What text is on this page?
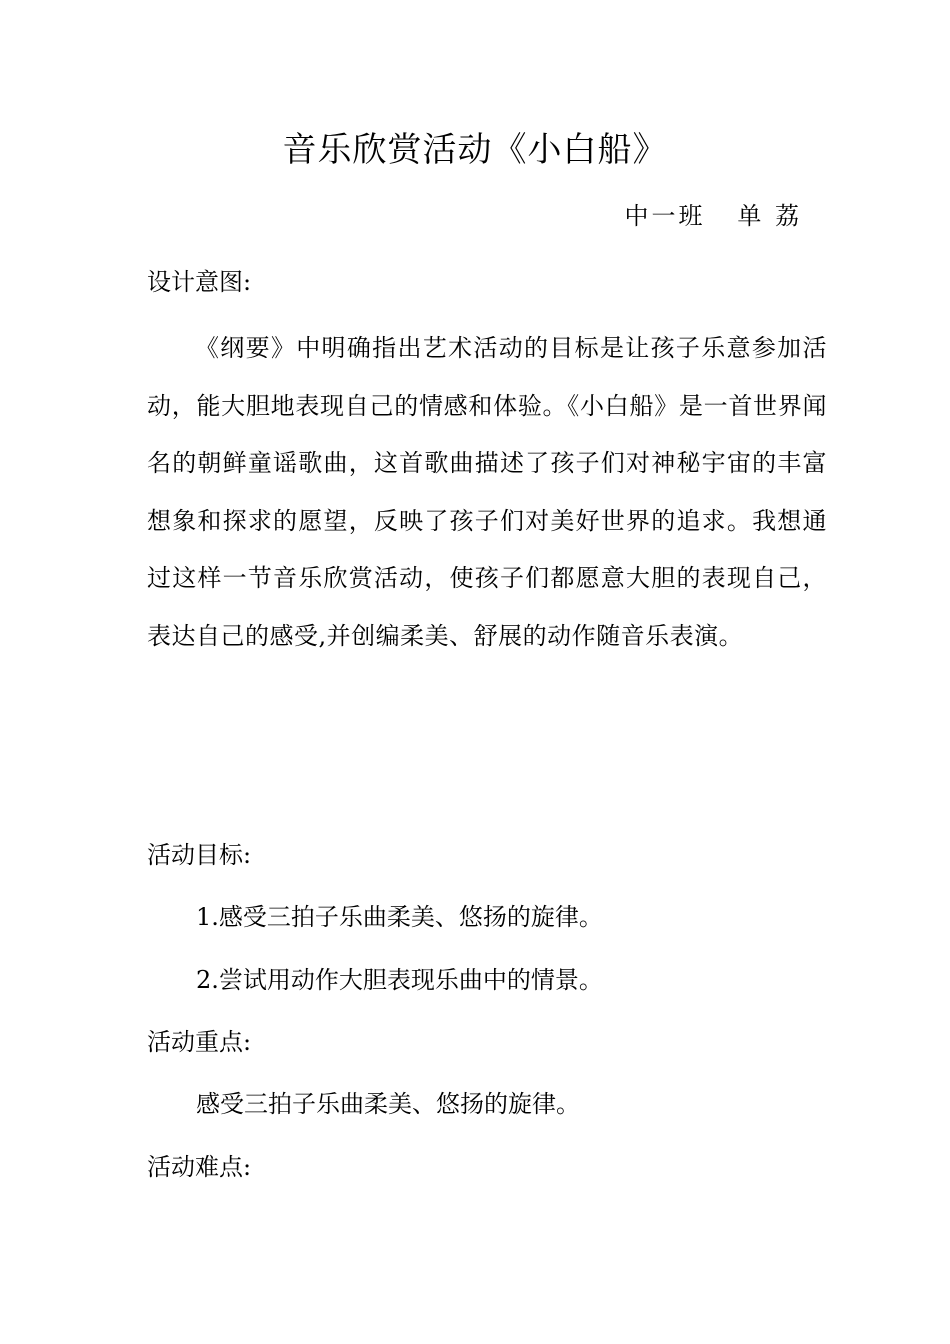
音乐欣赏活动《小白船》
中一班   单 荔
设计意图:

《纲要》中明确指出艺术活动的目标是让孩子乐意参加活动，能大胆地表现自己的情感和体验。《小白船》是一首世界闻名的朝鲜童谣歌曲，这首歌曲描述了孩子们对神秘宇宙的丰富想象和探求的愿望，反映了孩子们对美好世界的追求。我想通过这样一节音乐欣赏活动，使孩子们都愿意大胆的表现自己，表达自己的感受,并创编柔美、舒展的动作随音乐表演。

活动目标:
1.感受三拍子乐曲柔美、悠扬的旋律。
2.尝试用动作大胆表现乐曲中的情景。
活动重点:
感受三拍子乐曲柔美、悠扬的旋律。
活动难点:
